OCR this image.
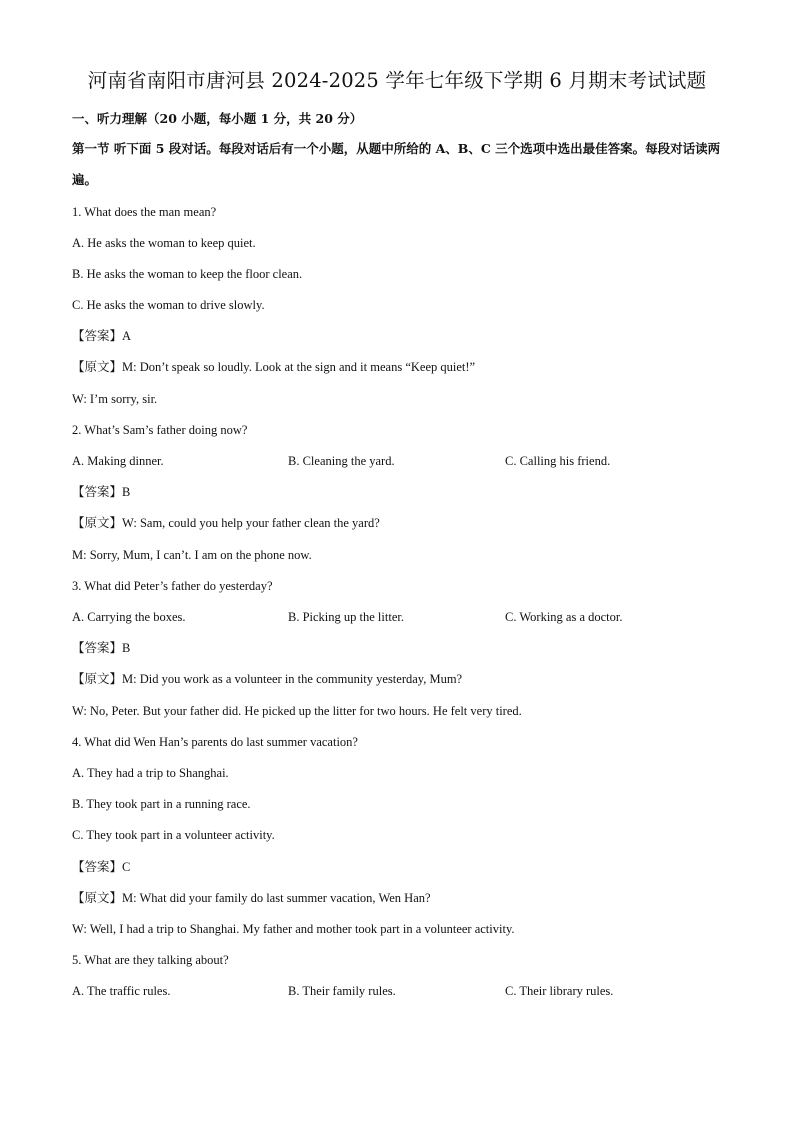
河南省南阳市唐河县 2024-2025 学年七年级下学期 6 月期末考试试题
一、听力理解（20 小题，每小题 1 分，共 20 分）
第一节 听下面 5 段对话。每段对话后有一个小题，从题中所给的 A、B、C 三个选项中选出最佳答案。每段对话读两遍。
1. What does the man mean?
A. He asks the woman to keep quiet.
B. He asks the woman to keep the floor clean.
C. He asks the woman to drive slowly.
【答案】A
【原文】M: Don’t speak so loudly. Look at the sign and it means “Keep quiet!”
W: I’m sorry, sir.
2. What’s Sam’s father doing now?
A. Making dinner.	B. Cleaning the yard.	C. Calling his friend.
【答案】B
【原文】W: Sam, could you help your father clean the yard?
M: Sorry, Mum, I can’t. I am on the phone now.
3. What did Peter’s father do yesterday?
A. Carrying the boxes.	B. Picking up the litter.	C. Working as a doctor.
【答案】B
【原文】M: Did you work as a volunteer in the community yesterday, Mum?
W: No, Peter. But your father did. He picked up the litter for two hours. He felt very tired.
4. What did Wen Han’s parents do last summer vacation?
A. They had a trip to Shanghai.
B. They took part in a running race.
C. They took part in a volunteer activity.
【答案】C
【原文】M: What did your family do last summer vacation, Wen Han?
W: Well, I had a trip to Shanghai. My father and mother took part in a volunteer activity.
5. What are they talking about?
A. The traffic rules.	B. Their family rules.	C. Their library rules.
